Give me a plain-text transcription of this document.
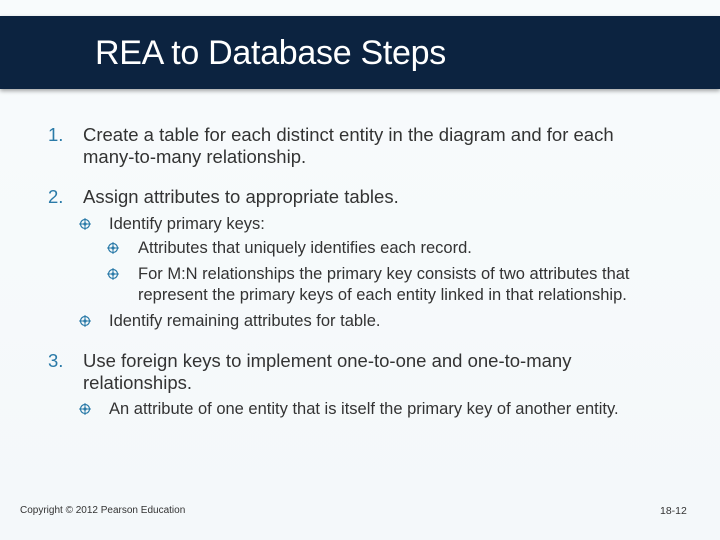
REA to Database Steps
1. Create a table for each distinct entity in the diagram and for each
many-to-many relationship.
2. Assign attributes to appropriate tables.
Identify primary keys:
Attributes that uniquely identifies each record.
For M:N relationships the primary key consists of two attributes that
represent the primary keys of each entity linked in that relationship.
Identify remaining attributes for table.
3. Use foreign keys to implement one-to-one and one-to-many
relationships.
An attribute of one entity that is itself the primary key of another entity.
Copyright © 2012 Pearson Education	18-12
